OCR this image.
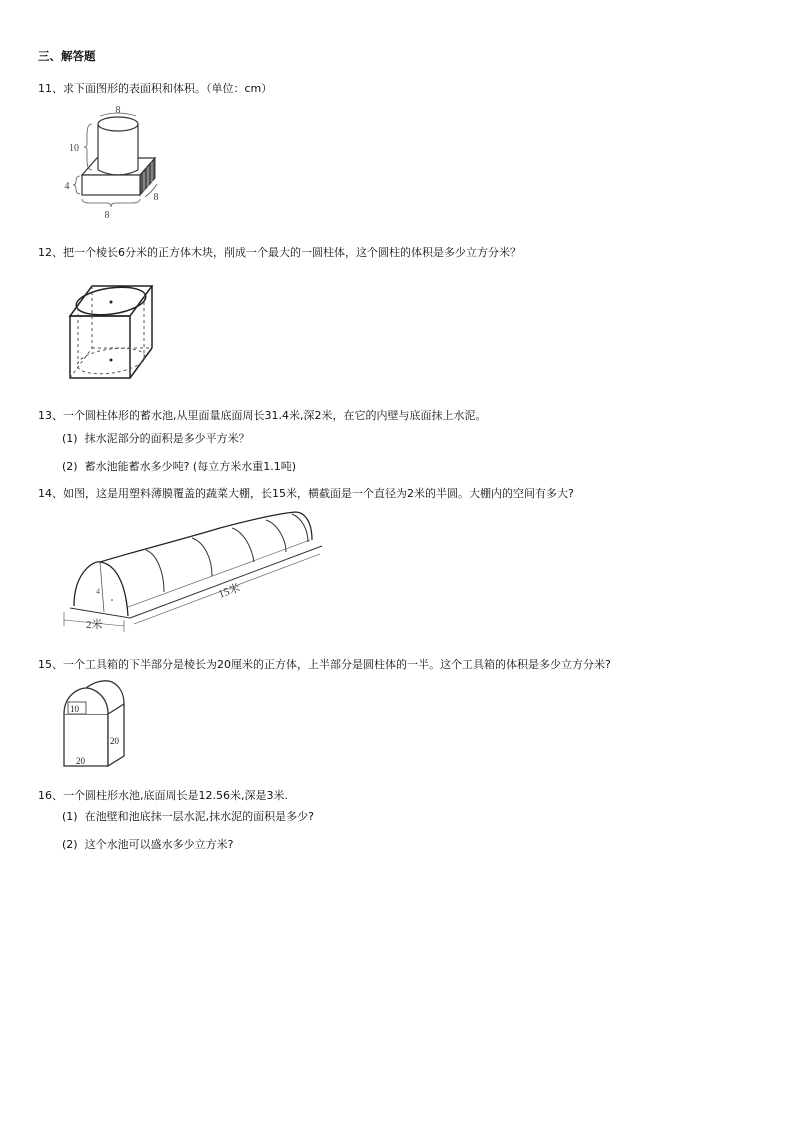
三、解答题
11、求下面图形的表面积和体积。（单位：cm）
8
10
4
8
8
12、把一个棱长6分米的正方体木块，削成一个最大的一圆柱体，这个圆柱的体积是多少立方分米？
13、一个圆柱体形的蓄水池,从里面量底面周长31.4米,深2米，在它的内壁与底面抹上水泥。
(1) 抹水泥部分的面积是多少平方米？
(2) 蓄水池能蓄水多少吨? (每立方米水重1.1吨)
14、如图，这是用塑料薄膜覆盖的蔬菜大棚，长15米，横截面是一个直径为2米的半圆。大棚内的空间有多大?
4	15米
2米
15、一个工具箱的下半部分是棱长为20厘米的正方体，上半部分是圆柱体的一半。这个工具箱的体积是多少立方分米?
10
20
20
16、一个圆柱形水池,底面周长是12.56米,深是3米.
(1) 在池壁和池底抹一层水泥,抹水泥的面积是多少?
(2) 这个水池可以盛水多少立方米?
